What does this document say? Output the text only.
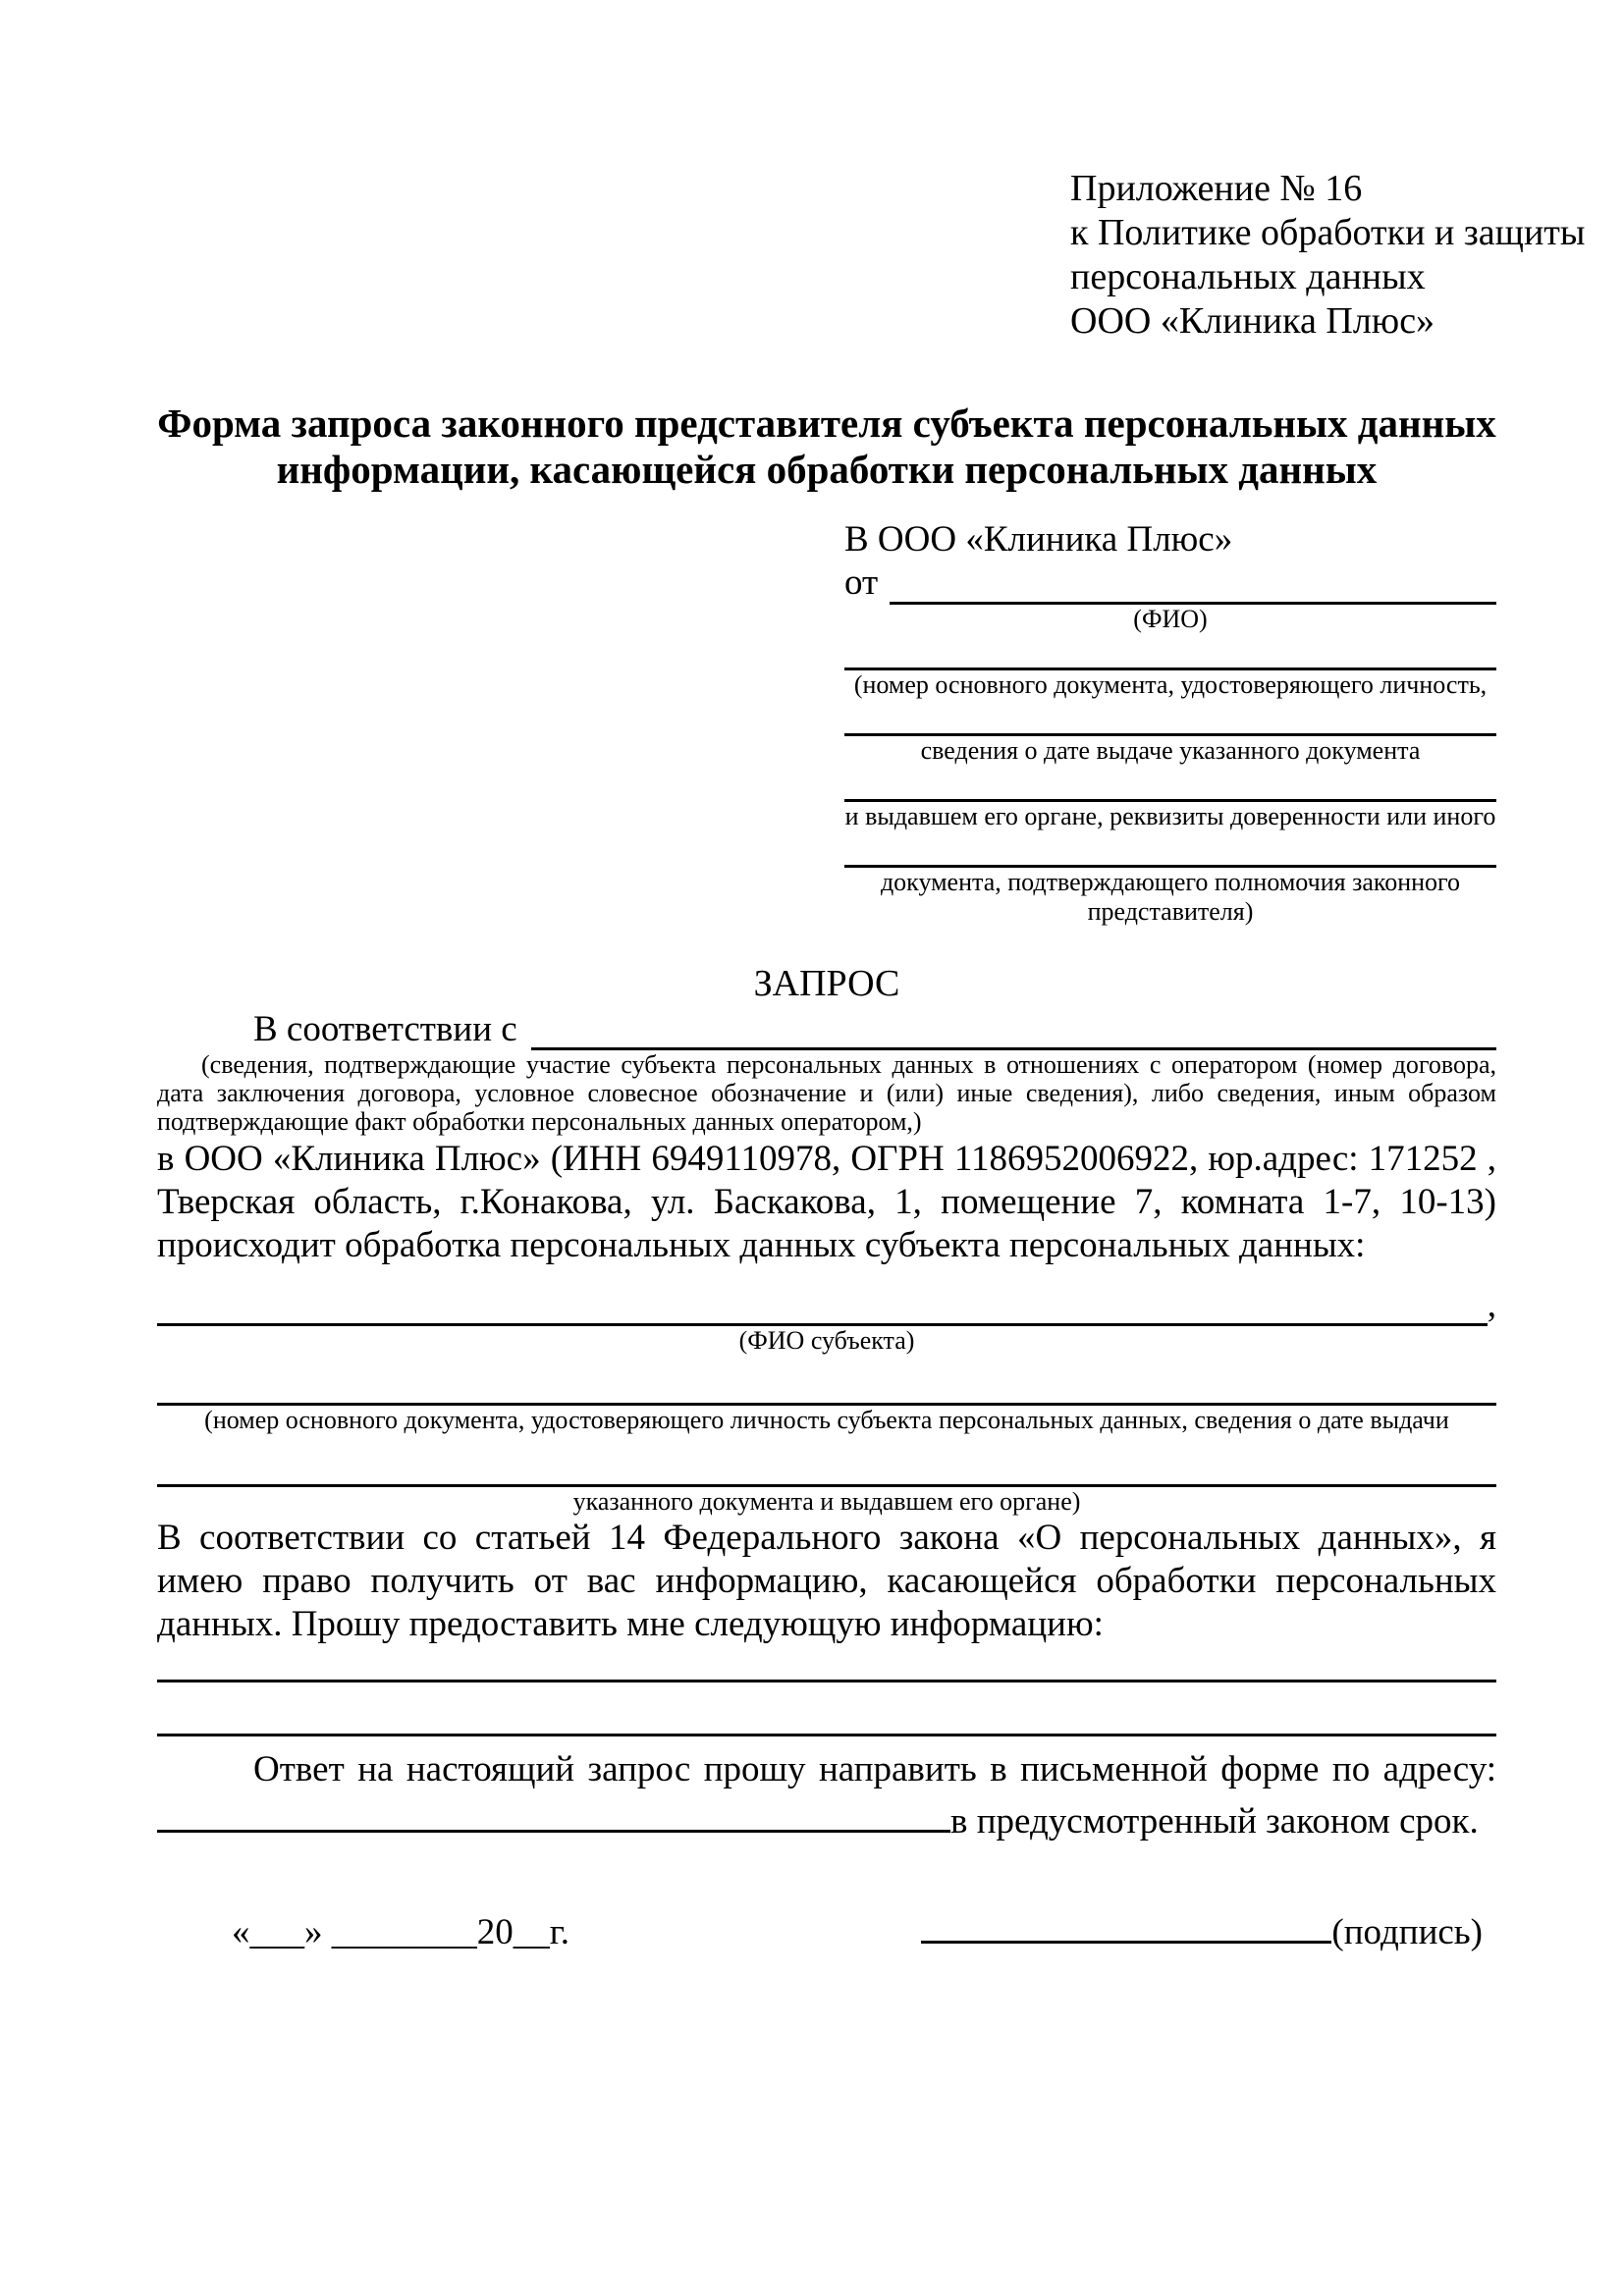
Приложение № 16
к Политике обработки и защиты
персональных данных
ООО «Клиника Плюс»
Форма запроса законного представителя субъекта персональных данных
информации, касающейся обработки персональных данных
В ООО «Клиника Плюс»
от
(ФИО)
(номер основного документа, удостоверяющего личность,
сведения о дате выдаче указанного документа
и выдавшем его органе, реквизиты доверенности или иного
документа, подтверждающего полномочия законного представителя)
ЗАПРОС
В соответствии с
(сведения, подтверждающие участие субъекта персональных данных в отношениях с оператором (номер договора, дата заключения договора, условное словесное обозначение и (или) иные сведения), либо сведения, иным образом подтверждающие факт обработки персональных данных оператором,)
в ООО «Клиника Плюс» (ИНН 6949110978, ОГРН 1186952006922, юр.адрес: 171252 , Тверская область, г.Конакова, ул. Баскакова, 1, помещение 7, комната 1-7, 10-13) происходит обработка персональных данных субъекта персональных данных:
,
(ФИО субъекта)
(номер основного документа, удостоверяющего личность субъекта персональных данных, сведения о дате выдачи
указанного документа и выдавшем его органе)
В соответствии со статьей 14 Федерального закона «О персональных данных», я имею право получить от вас информацию, касающейся обработки персональных данных. Прошу предоставить мне следующую информацию:
Ответ на настоящий запрос прошу направить в письменной форме по адресу: в предусмотренный законом срок.
«___» ________20__г.	(подпись)
